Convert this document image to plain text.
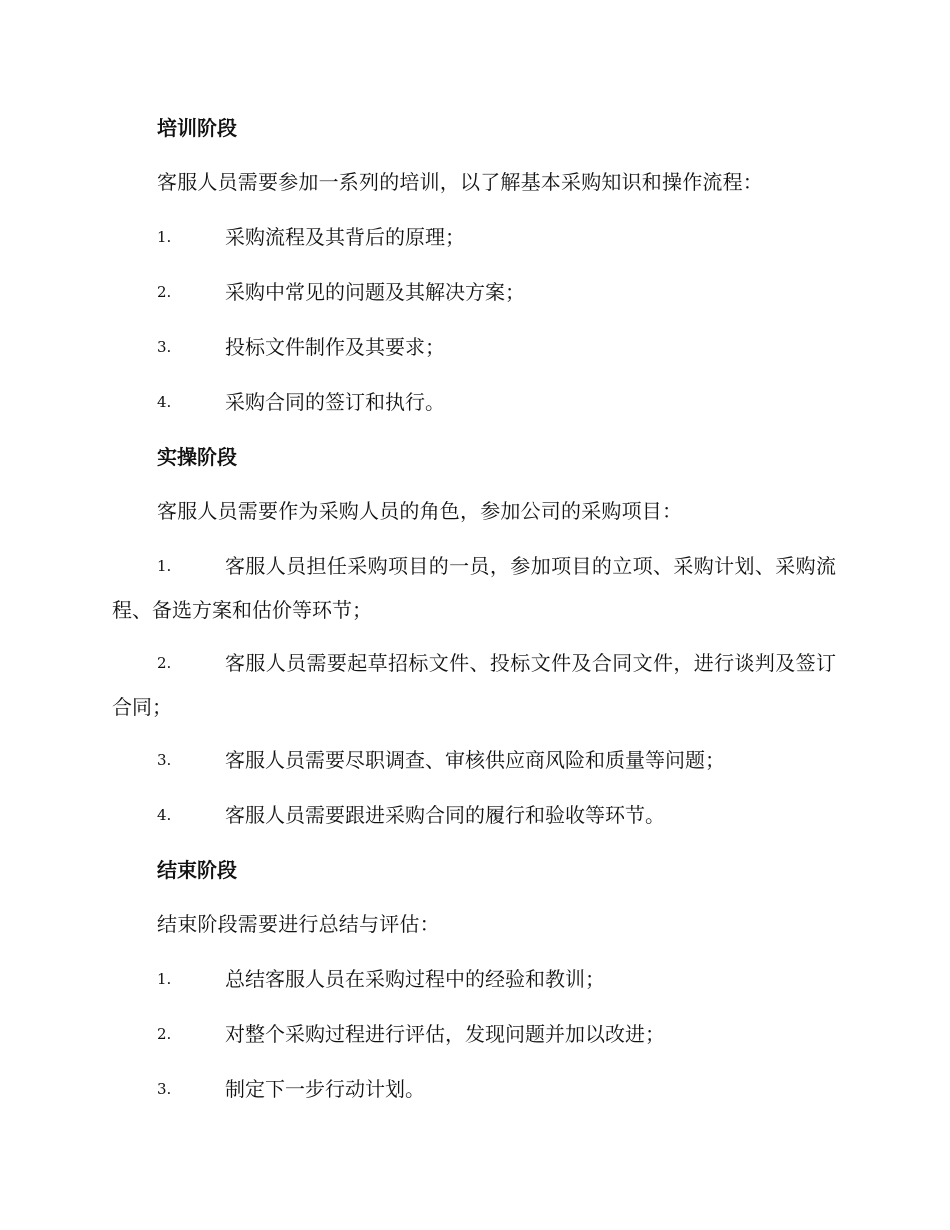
培训阶段
客服人员需要参加一系列的培训，以了解基本采购知识和操作流程：
1.	采购流程及其背后的原理；
2.	采购中常见的问题及其解决方案；
3.	投标文件制作及其要求；
4.	采购合同的签订和执行。
实操阶段
客服人员需要作为采购人员的角色，参加公司的采购项目：
1.	客服人员担任采购项目的一员，参加项目的立项、采购计划、采购流程、备选方案和估价等环节；
2.	客服人员需要起草招标文件、投标文件及合同文件，进行谈判及签订合同；
3.	客服人员需要尽职调查、审核供应商风险和质量等问题；
4.	客服人员需要跟进采购合同的履行和验收等环节。
结束阶段
结束阶段需要进行总结与评估：
1.	总结客服人员在采购过程中的经验和教训；
2.	对整个采购过程进行评估，发现问题并加以改进；
3.	制定下一步行动计划。
